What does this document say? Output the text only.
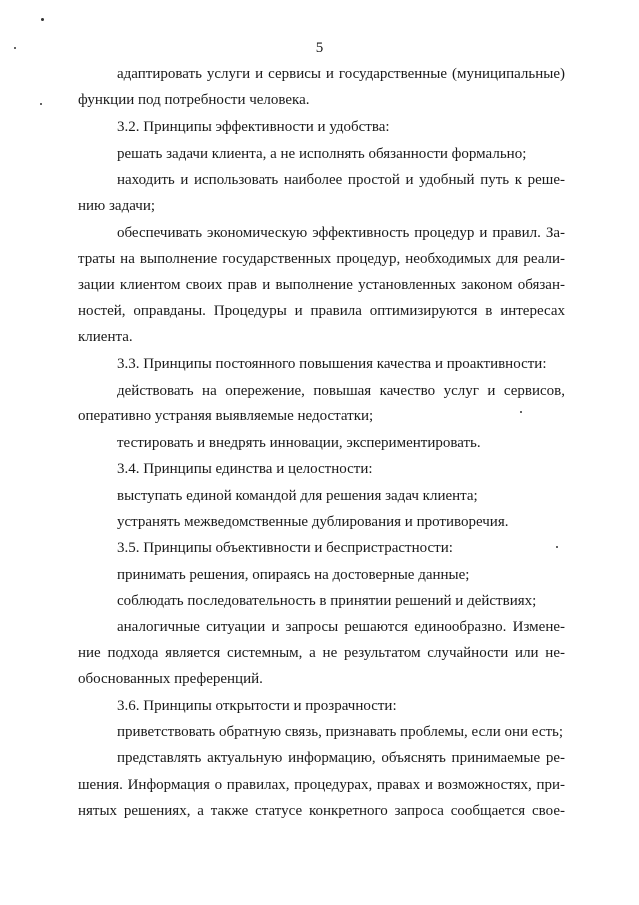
5
адаптировать услуги и сервисы и государственные (муниципальные)
функции под потребности человека.
3.2. Принципы эффективности и удобства:
решать задачи клиента, а не исполнять обязанности формально;
находить и использовать наиболее простой и удобный путь к реше-
нию задачи;
обеспечивать экономическую эффективность процедур и правил. За-
траты на выполнение государственных процедур, необходимых для реали-
зации клиентом своих прав и выполнение установленных законом обязан-
ностей, оправданы. Процедуры и правила оптимизируются в интересах
клиента.
3.3. Принципы постоянного повышения качества и проактивности:
действовать на опережение, повышая качество услуг и сервисов,
оперативно устраняя выявляемые недостатки;
тестировать и внедрять инновации, экспериментировать.
3.4. Принципы единства и целостности:
выступать единой командой для решения задач клиента;
устранять межведомственные дублирования и противоречия.
3.5. Принципы объективности и беспристрастности:
принимать решения, опираясь на достоверные данные;
соблюдать последовательность в принятии решений и действиях;
аналогичные ситуации и запросы решаются единообразно. Измене-
ние подхода является системным, а не результатом случайности или не-
обоснованных преференций.
3.6. Принципы открытости и прозрачности:
приветствовать обратную связь, признавать проблемы, если они есть;
представлять актуальную информацию, объяснять принимаемые ре-
шения. Информация о правилах, процедурах, правах и возможностях, при-
нятых решениях, а также статусе конкретного запроса сообщается свое-
